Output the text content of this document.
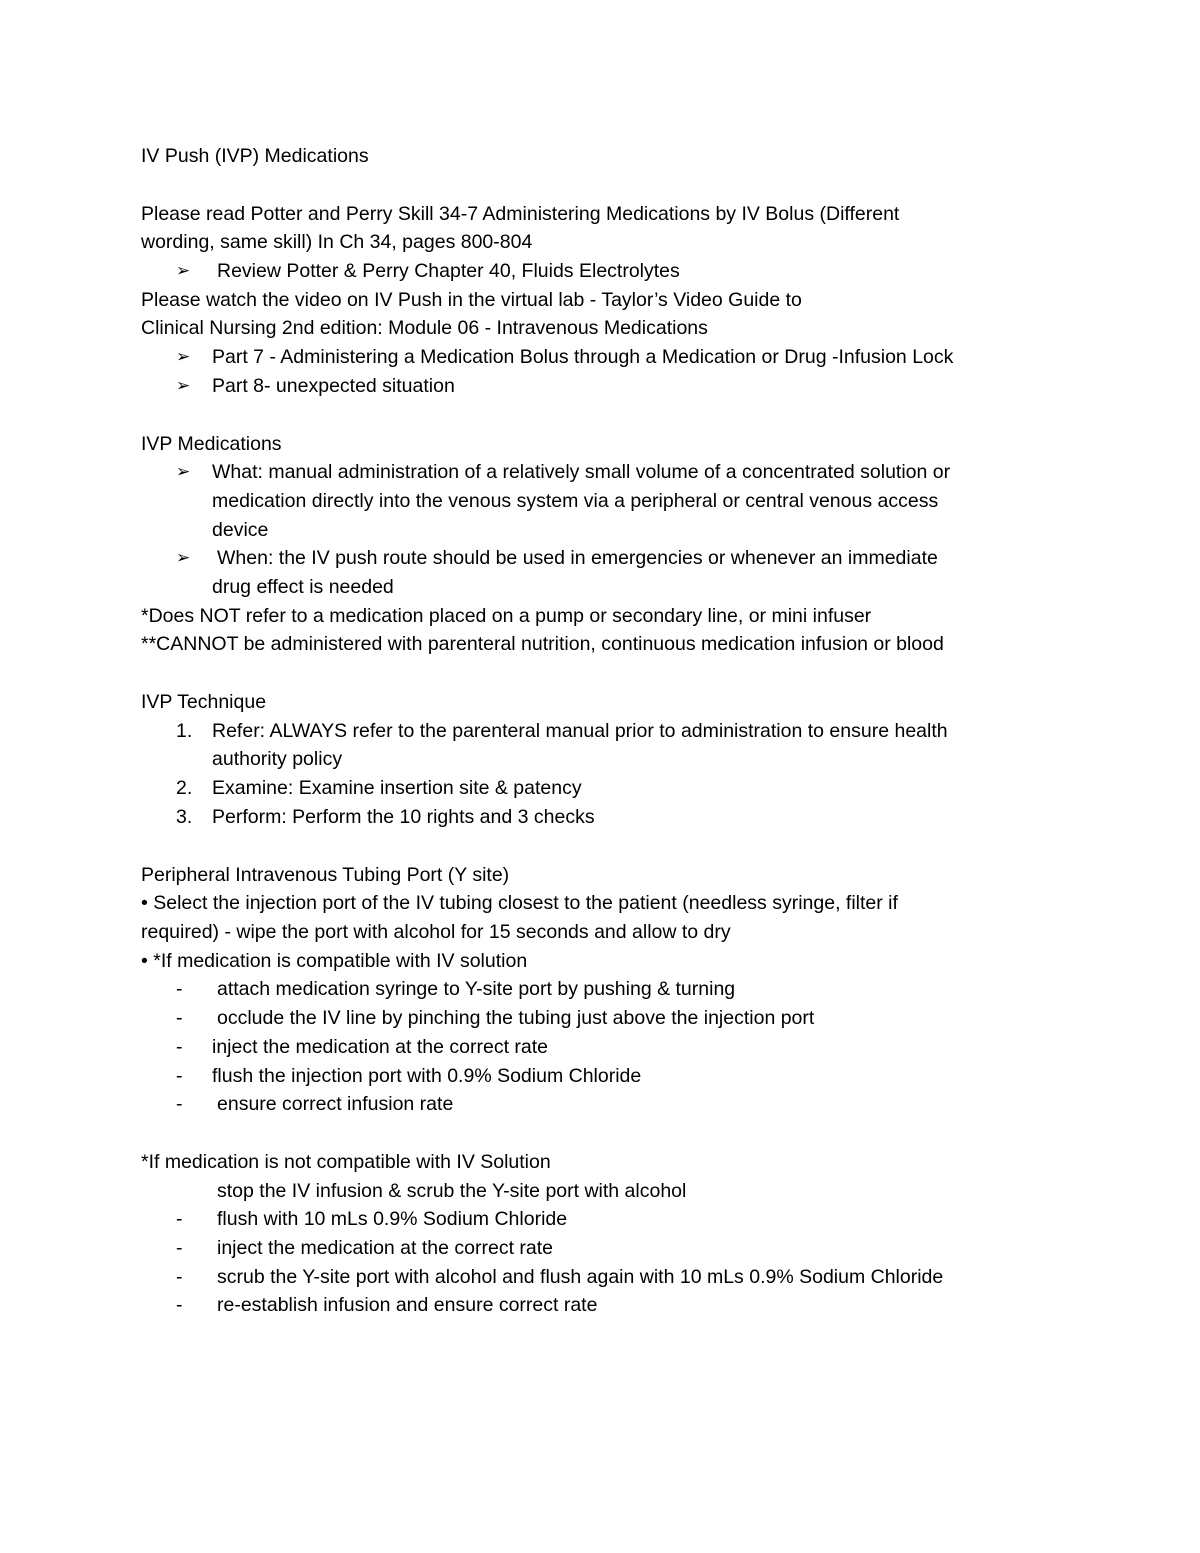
IV Push (IVP) Medications
Please read Potter and Perry Skill 34-7 Administering Medications by IV Bolus (Different
wording, same skill) In Ch 34, pages 800-804
➢ Review Potter & Perry Chapter 40, Fluids Electrolytes
Please watch the video on IV Push in the virtual lab - Taylor’s Video Guide to
Clinical Nursing 2nd edition: Module 06 - Intravenous Medications
➢ Part 7 - Administering a Medication Bolus through a Medication or Drug -Infusion Lock
➢ Part 8- unexpected situation
IVP Medications
➢ What: manual administration of a relatively small volume of a concentrated solution or
medication directly into the venous system via a peripheral or central venous access
device
➢ When: the IV push route should be used in emergencies or whenever an immediate
drug effect is needed
*Does NOT refer to a medication placed on a pump or secondary line, or mini infuser
**CANNOT be administered with parenteral nutrition, continuous medication infusion or blood
IVP Technique
1. Refer: ALWAYS refer to the parenteral manual prior to administration to ensure health
authority policy
2. Examine: Examine insertion site & patency
3. Perform: Perform the 10 rights and 3 checks
Peripheral Intravenous Tubing Port (Y site)
• Select the injection port of the IV tubing closest to the patient (needless syringe, filter if
required) - wipe the port with alcohol for 15 seconds and allow to dry
• *If medication is compatible with IV solution
- attach medication syringe to Y-site port by pushing & turning
- occlude the IV line by pinching the tubing just above the injection port
- inject the medication at the correct rate
- flush the injection port with 0.9% Sodium Chloride
- ensure correct infusion rate
*If medication is not compatible with IV Solution
stop the IV infusion & scrub the Y-site port with alcohol
- flush with 10 mLs 0.9% Sodium Chloride
- inject the medication at the correct rate
- scrub the Y-site port with alcohol and flush again with 10 mLs 0.9% Sodium Chloride
- re-establish infusion and ensure correct rate
